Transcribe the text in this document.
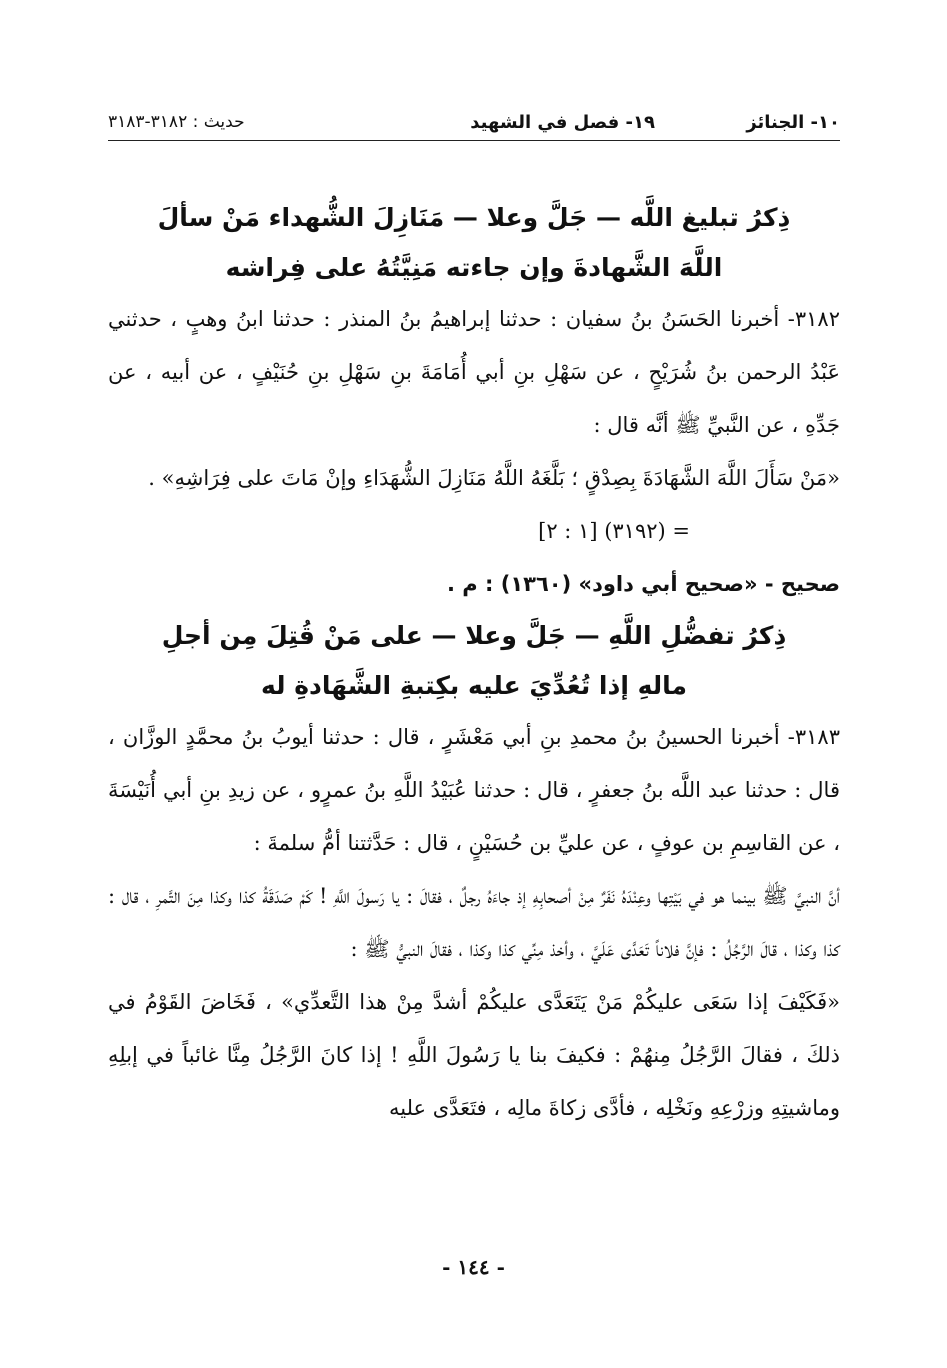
١٠- الجنائز
١٩- فصل في الشهيد
حديث : ٣١٨٢-٣١٨٣
ذِكرُ تبليغ اللَّه — جَلَّ وعلا — مَنَازِلَ الشُّهداء مَنْ سألَ
اللَّهَ الشَّهادةَ وإن جاءته مَنِيَّتُهُ على فِراشه

٣١٨٢- أخبرنا الحَسَنُ بنُ سفيان : حدثنا إبراهيمُ بنُ المنذر : حدثنا ابنُ وهبٍ ، حدثني عَبْدُ الرحمن بنُ شُرَيْحٍ ، عن سَهْلِ بنِ أبي أُمَامَةَ بنِ سَهْلِ بنِ حُنَيْفٍ ، عن أبيه ، عن جَدِّهِ ، عن النَّبيِّ ﷺ أنَّه قال :

«مَنْ سَأَلَ اللَّهَ الشَّهَادَةَ بِصِدْقٍ ؛ بَلَّغَهُ اللَّهُ مَنَازِلَ الشُّهَدَاءِ وإنْ مَاتَ على فِرَاشِهِ» .

= (٣١٩٢) [١ : ٢]
صحيح - «صحيح أبي داود» (١٣٦٠) : م .
ذِكرُ تفضُّلِ اللَّهِ — جَلَّ وعلا — على مَنْ قُتِلَ مِن أجلِ
مالهِ إذا تُعُدِّيَ عليه بكِتبةِ الشَّهَادةِ له

٣١٨٣- أخبرنا الحسينُ بنُ محمدِ بنِ أبي مَعْشَرٍ ، قال : حدثنا أيوبُ بنُ محمَّدٍ الوزَّان ، قال : حدثنا عبد اللَّه بنُ جعفرٍ ، قال : حدثنا عُبَيْدُ اللَّهِ بنُ عمرٍو ، عن زيدِ بنِ أبي أُنَيْسَةَ ، عن القاسِمِ بن عوفٍ ، عن عليِّ بن حُسَيْنٍ ، قال : حَدَّثتنا أمُّ سلمةَ :

أنَّ النبيَّ ﷺ بينما هو في بَيْتِها وعِنْدَهُ نَفَرٌ مِنْ أصحابِهِ إذ جاءَهُ رجلٌ ، فقالَ : يا رَسولَ اللَّهِ ! كَمْ صَدَقَةُ كذا وكذا مِنَ التَّمرِ ، قال : كذا وكذا ، قالَ الرَّجُلُ : فإنَّ فلاناً تَعَدَّى عَلَيَّ ، وأخذ مِنِّي كذا وكذا ، فقالَ النبيُّ ﷺ :

«فَكَيْفَ إذا سَعَى عليكُمْ مَنْ يَتَعَدَّى عليكُمْ أشدَّ مِنْ هذا التَّعدِّي» ، فَخَاضَ القَوْمُ في ذلكَ ، فقالَ الرَّجُلُ مِنهُمْ : فكيفَ بنا يا رَسُولَ اللَّهِ ! إذا كانَ الرَّجُلُ مِنَّا غائباً في إبلِهِ وماشيتِهِ وزرْعِهِ ونَخْلِه ، فأدَّى زكاةَ مالِه ، فتَعَدَّى عليه

- ١٤٤ -
